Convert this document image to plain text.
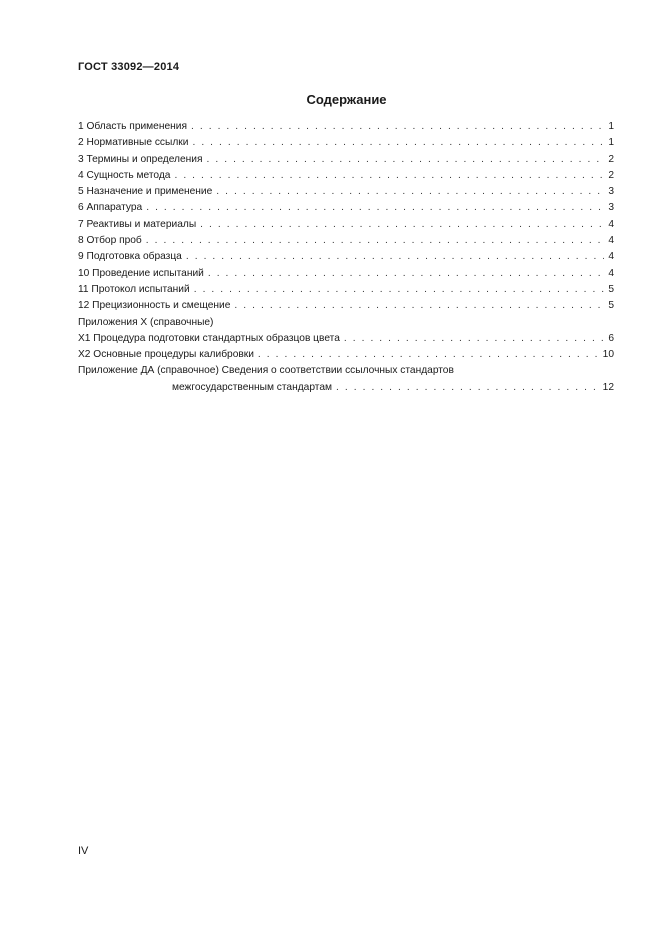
ГОСТ 33092—2014
Содержание
1 Область применения . . .	1
2 Нормативные ссылки . . .	1
3 Термины и определения . . .	2
4 Сущность метода . . .	2
5 Назначение и применение . . .	3
6 Аппаратура . . .	3
7 Реактивы и материалы . . .	4
8 Отбор проб . . .	4
9 Подготовка образца . . .	4
10 Проведение испытаний . . .	4
11 Протокол испытаний . . .	5
12 Прецизионность и смещение . . .	5
Приложения X (справочные)
X1 Процедура подготовки стандартных образцов цвета . . .	6
X2 Основные процедуры калибровки . . .	10
Приложение ДА (справочное) Сведения о соответствии ссылочных стандартов
межгосударственным стандартам . . .	12
IV
